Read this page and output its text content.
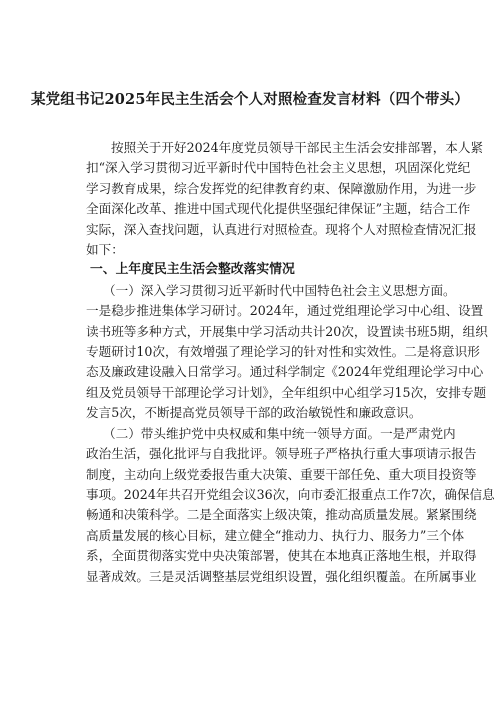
某党组书记2025年民主生活会个人对照检查发言材料（四个带头）
按照关于开好2024年度党员领导干部民主生活会安排部署，本人紧
扣“深入学习贯彻习近平新时代中国特色社会主义思想，巩固深化党纪
学习教育成果，综合发挥党的纪律教育约束、保障激励作用，为进一步
全面深化改革、推进中国式现代化提供坚强纪律保证”主题，结合工作
实际，深入查找问题，认真进行对照检查。现将个人对照检查情况汇报
如下：
一、上年度民主生活会整改落实情况
（一）深入学习贯彻习近平新时代中国特色社会主义思想方面。
一是稳步推进集体学习研讨。2024年，通过党组理论学习中心组、设置
读书班等多种方式，开展集中学习活动共计20次，设置读书班5期，组织
专题研讨10次，有效增强了理论学习的针对性和实效性。二是将意识形
态及廉政建设融入日常学习。通过科学制定《2024年党组理论学习中心
组及党员领导干部理论学习计划》，全年组织中心组学习15次，安排专题
发言5次，不断提高党员领导干部的政治敏锐性和廉政意识。
（二）带头维护党中央权威和集中统一领导方面。一是严肃党内
政治生活，强化批评与自我批评。领导班子严格执行重大事项请示报告
制度，主动向上级党委报告重大决策、重要干部任免、重大项目投资等
事项。2024年共召开党组会议36次，向市委汇报重点工作7次，确保信息
畅通和决策科学。二是全面落实上级决策，推动高质量发展。紧紧围绕
高质量发展的核心目标，建立健全“推动力、执行力、服务力”三个体
系，全面贯彻落实党中央决策部署，使其在本地真正落地生根，并取得
显著成效。三是灵活调整基层党组织设置，强化组织覆盖。在所属事业
